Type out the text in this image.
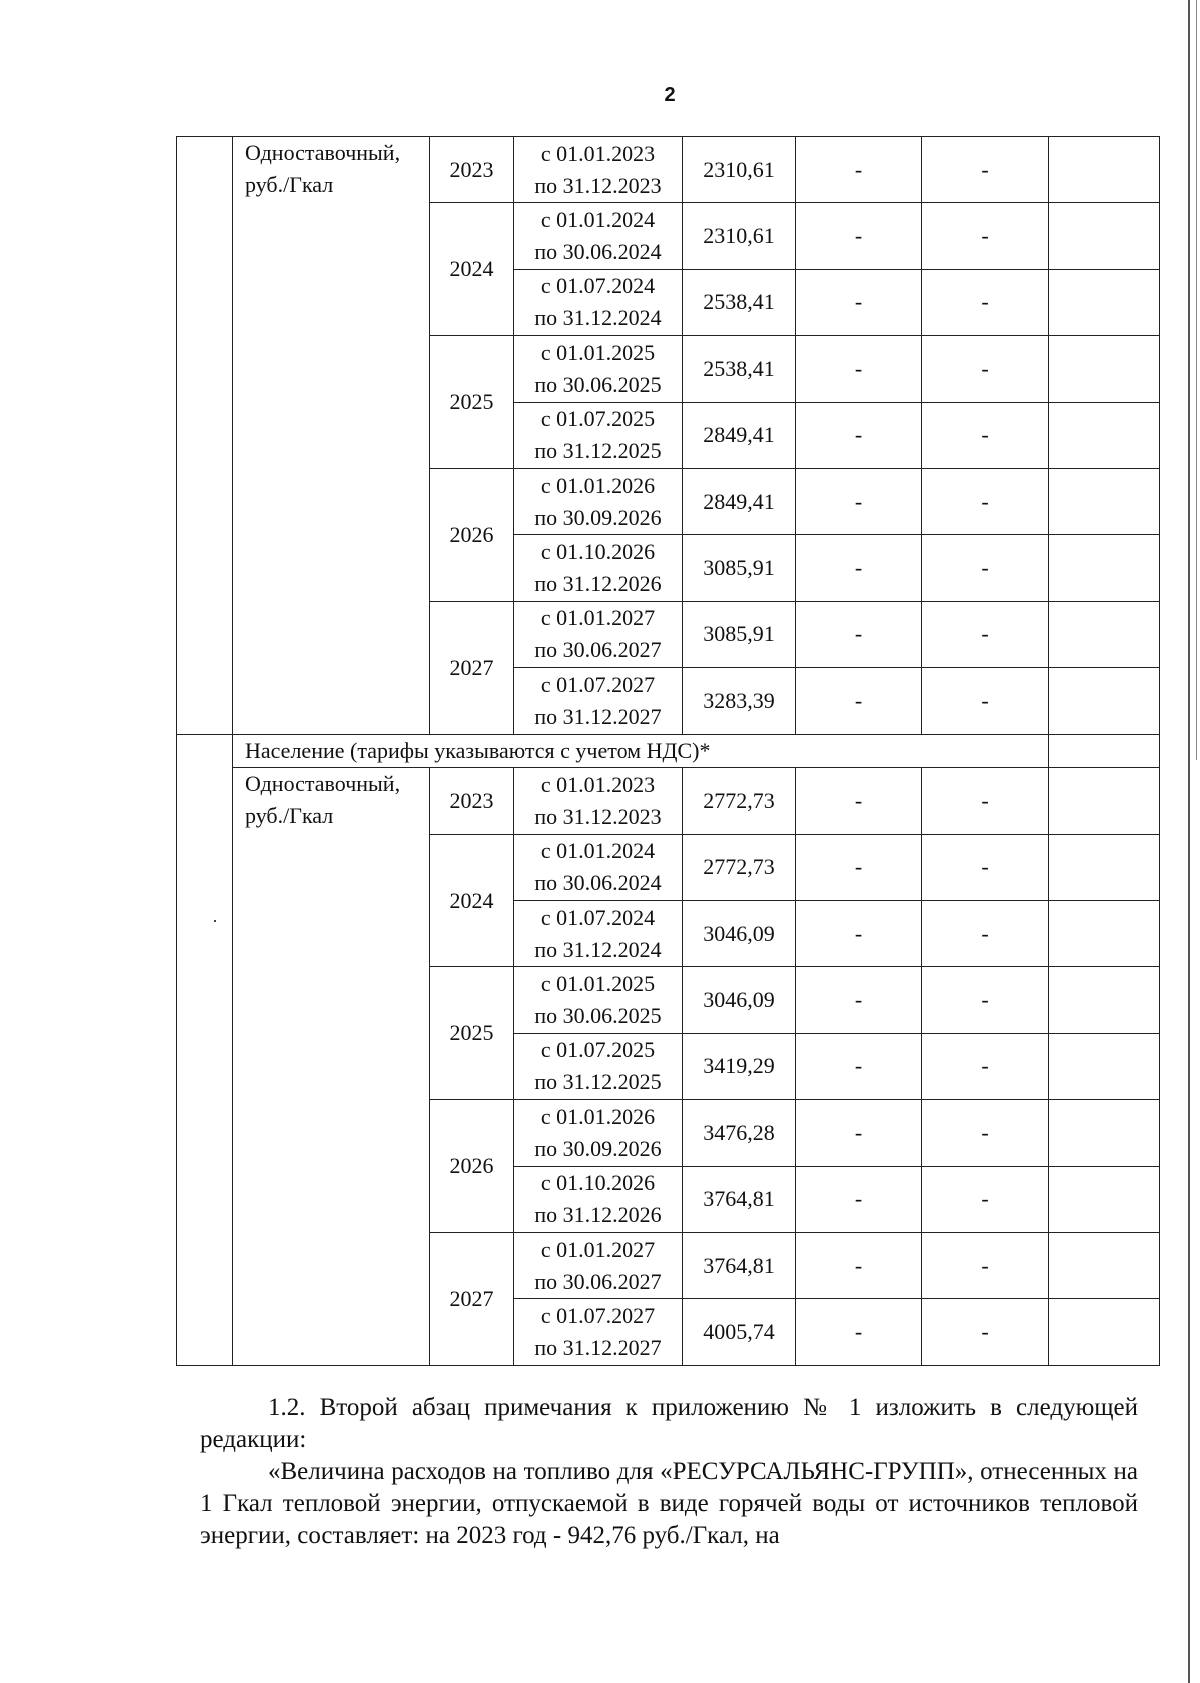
2
	Одноставочный, руб./Гкал	2023	с 01.01.2023
по 31.12.2023	2310,61	-	-	
		2024	с 01.01.2024
по 30.06.2024	2310,61	-	-	

			с 01.07.2024
по 31.12.2024	2538,41	-	-	
		2025	с 01.01.2025
по 30.06.2025	2538,41	-	-	

			с 01.07.2025
по 31.12.2025	2849,41	-	-	
		2026	с 01.01.2026
по 30.09.2026	2849,41	-	-	

			с 01.10.2026
по 31.12.2026	3085,91	-	-	
		2027	с 01.01.2027
по 30.06.2027	3085,91	-	-	

			с 01.07.2027
по 31.12.2027	3283,39	-	-	
	Население (тарифы указываются с учетом НДС)*						
	Одноставочный, руб./Гкал	2023	с 01.01.2023
по 31.12.2023	2772,73	-	-	
		2024	с 01.01.2024
по 30.06.2024	2772,73	-	-	

			с 01.07.2024
по 31.12.2024	3046,09	-	-	
		2025	с 01.01.2025
по 30.06.2025	3046,09	-	-	

			с 01.07.2025
по 31.12.2025	3419,29	-	-	
		2026	с 01.01.2026
по 30.09.2026	3476,28	-	-	

			с 01.10.2026
по 31.12.2026	3764,81	-	-	
		2027	с 01.01.2027
по 30.06.2027	3764,81	-	-	

			с 01.07.2027
по 31.12.2027	4005,74	-	-	
1.2. Второй абзац примечания к приложению № 1 изложить в следующей редакции:
«Величина расходов на топливо для «РЕСУРСАЛЬЯНС-ГРУПП», отнесенных на 1 Гкал тепловой энергии, отпускаемой в виде горячей воды от источников тепловой энергии, составляет: на 2023 год - 942,76 руб./Гкал, на
